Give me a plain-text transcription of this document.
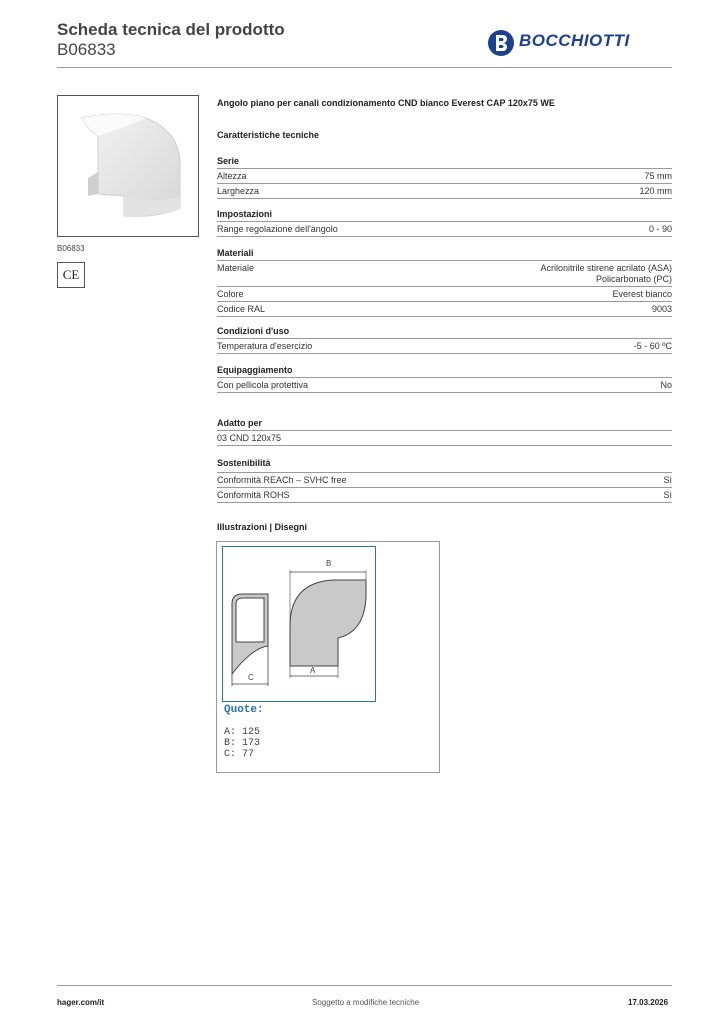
Scheda tecnica del prodotto
B06833	BOCCHIOTTI
B06833
CE
Angolo piano per canali condizionamento CND bianco Everest CAP 120x75 WE
Caratteristiche tecniche
Serie
Altezza	75 mm
Larghezza	120 mm
Impostazioni
Range regolazione dell'angolo	0 - 90
Materiali
Materiale	Acrilonitrile stirene acrilato (ASA)
Policarbonato (PC)
Colore	Everest bianco
Codice RAL	9003
Condizioni d'uso
Temperatura d'esercizio	-5 - 60 ºC
Equipaggiamento
Con pellicola protettiva	No
Adatto per
03 CND 120x75
Sostenibilità
Conformità REACh – SVHC free	Sì
Conformità ROHS	Sì
Illustrazioni | Disegni
C
B
A
Quote:
A: 125
B: 173
C: 77
hager.com/it	Soggetto a modifiche tecniche	17.03.2026
